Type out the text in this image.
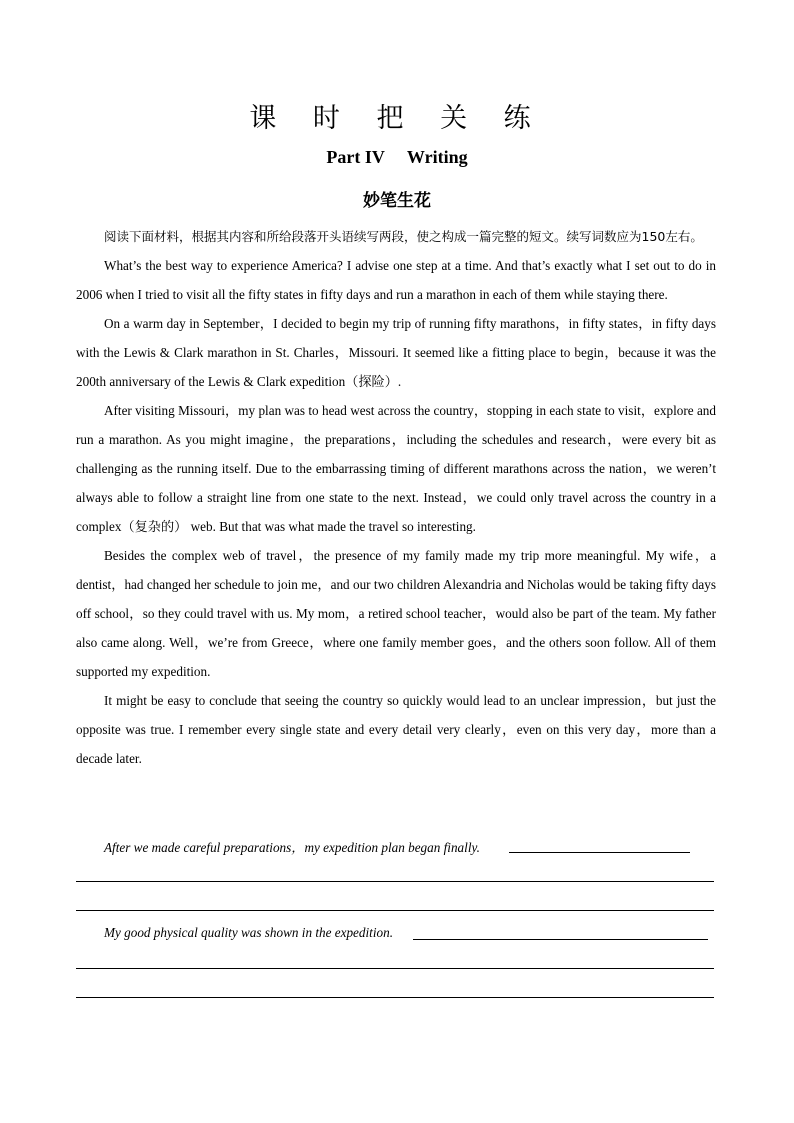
课 时 把 关 练
Part IV Writing
妙笔生花

阅读下面材料，根据其内容和所给段落开头语续写两段，使之构成一篇完整的短文。续写词数应为150左右。

What’s the best way to experience America? I advise one step at a time. And that’s exactly what I set out to do in 2006 when I tried to visit all the fifty states in fifty days and run a marathon in each of them while staying there.

On a warm day in September，I decided to begin my trip of running fifty marathons，in fifty states，in fifty days with the Lewis & Clark marathon in St. Charles，Missouri. It seemed like a fitting place to begin，because it was the 200th anniversary of the Lewis & Clark expedition（探险）.

After visiting Missouri，my plan was to head west across the country，stopping in each state to visit，explore and run a marathon. As you might imagine，the preparations，including the schedules and research，were every bit as challenging as the running itself. Due to the embarrassing timing of different marathons across the nation，we weren’t always able to follow a straight line from one state to the next. Instead，we could only travel across the country in a complex（复杂的） web. But that was what made the travel so interesting.

Besides the complex web of travel，the presence of my family made my trip more meaningful. My wife，a dentist，had changed her schedule to join me，and our two children Alexandria and Nicholas would be taking fifty days off school，so they could travel with us. My mom，a retired school teacher，would also be part of the team. My father also came along. Well，we’re from Greece，where one family member goes，and the others soon follow. All of them supported my expedition.

It might be easy to conclude that seeing the country so quickly would lead to an unclear impression，but just the opposite was true. I remember every single state and every detail very clearly，even on this very day，more than a decade later.

After we made careful preparations，my expedition plan began finally.
My good physical quality was shown in the expedition.
